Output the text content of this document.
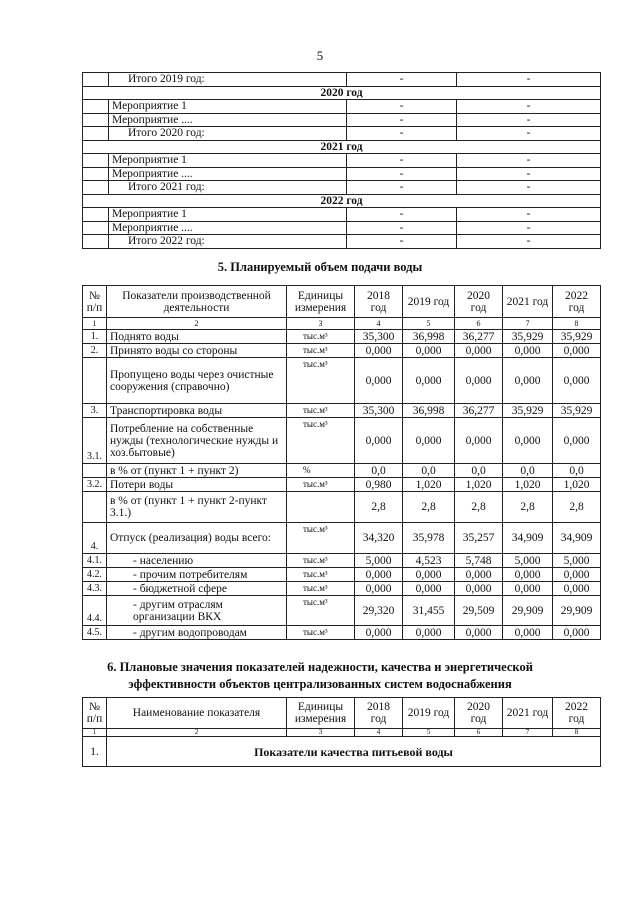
5
	Итого 2019 год:	-	-
2020 год			
	Мероприятие 1	-	-
	Мероприятие ....	-	-
	Итого 2020 год:	-	-
2021 год			
	Мероприятие 1	-	-
	Мероприятие ....	-	-
	Итого 2021 год:	-	-
2022 год			
	Мероприятие 1	-	-
	Мероприятие ....	-	-
	Итого 2022 год:	-	-
5. Планируемый объем подачи воды
№ п/п	Показатели производственной деятельности	Единицы измерения	2018 год	2019 год	2020 год	2021 год	2022 год
1	2	3	4	5	6	7	8
1.	Поднято воды	тыс.м³	35,300	36,998	36,277	35,929	35,929
2.	Принято воды со стороны	тыс.м³	0,000	0,000	0,000	0,000	0,000
	Пропущено воды через очистные сооружения (справочно)	тыс.м³	0,000	0,000	0,000	0,000	0,000
3.	Транспортировка воды	тыс.м³	35,300	36,998	36,277	35,929	35,929
3.1.	Потребление на собственные нужды (технологические нужды и хоз.бытовые)	тыс.м³	0,000	0,000	0,000	0,000	0,000
	в % от (пункт 1 + пункт 2)	%	0,0	0,0	0,0	0,0	0,0
3.2.	Потери воды	тыс.м³	0,980	1,020	1,020	1,020	1,020
	в % от (пункт 1 + пункт 2-пункт 3.1.)		2,8	2,8	2,8	2,8	2,8
4.	Отпуск (реализация) воды всего:	тыс.м³	34,320	35,978	35,257	34,909	34,909
4.1.	- населению	тыс.м³	5,000	4,523	5,748	5,000	5,000
4.2.	- прочим потребителям	тыс.м³	0,000	0,000	0,000	0,000	0,000
4.3.	- бюджетной сфере	тыс.м³	0,000	0,000	0,000	0,000	0,000
4.4.	- другим отраслям организации ВКХ	тыс.м³	29,320	31,455	29,509	29,909	29,909
4.5.	- другим водопроводам	тыс.м³	0,000	0,000	0,000	0,000	0,000
6. Плановые значения показателей надежности, качества и энергетической
эффективности объектов централизованных систем водоснабжения
№ п/п	Наименование показателя	Единицы измерения	2018 год	2019 год	2020 год	2021 год	2022 год
1	2	3	4	5	6	7	8
1.	Показатели качества питьевой воды						
